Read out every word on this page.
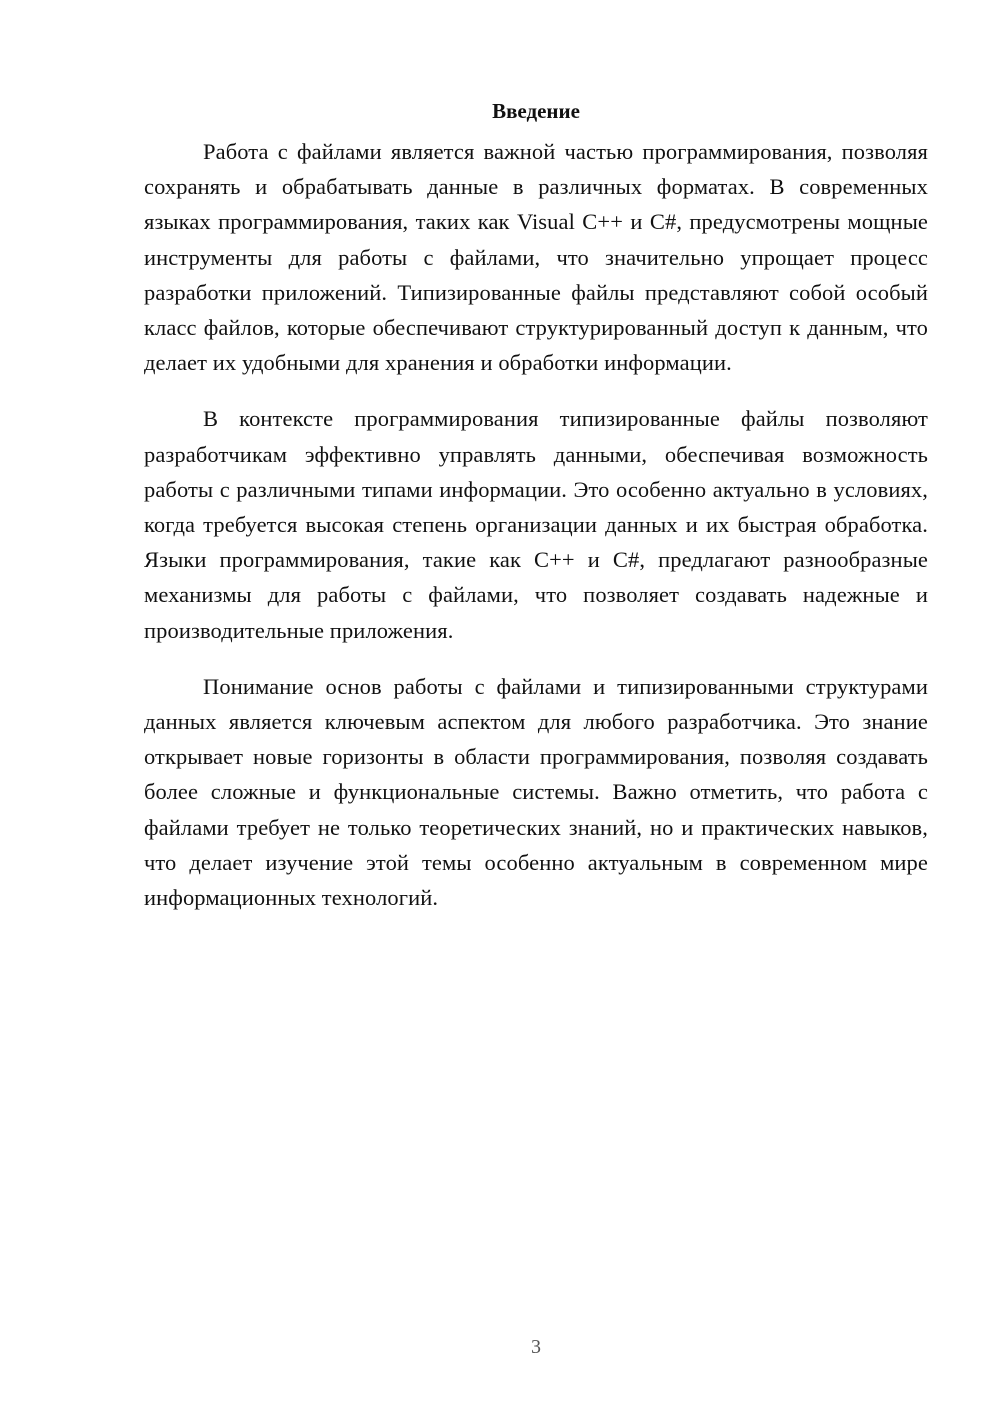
Введение

Работа с файлами является важной частью программирования, позволяя сохранять и обрабатывать данные в различных форматах. В современных языках программирования, таких как Visual C++ и C#, предусмотрены мощные инструменты для работы с файлами, что значительно упрощает процесс разработки приложений. Типизированные файлы представляют собой особый класс файлов, которые обеспечивают структурированный доступ к данным, что делает их удобными для хранения и обработки информации.

В контексте программирования типизированные файлы позволяют разработчикам эффективно управлять данными, обеспечивая возможность работы с различными типами информации. Это особенно актуально в условиях, когда требуется высокая степень организации данных и их быстрая обработка. Языки программирования, такие как C++ и C#, предлагают разнообразные механизмы для работы с файлами, что позволяет создавать надежные и производительные приложения.

Понимание основ работы с файлами и типизированными структурами данных является ключевым аспектом для любого разработчика. Это знание открывает новые горизонты в области программирования, позволяя создавать более сложные и функциональные системы. Важно отметить, что работа с файлами требует не только теоретических знаний, но и практических навыков, что делает изучение этой темы особенно актуальным в современном мире информационных технологий.

3
